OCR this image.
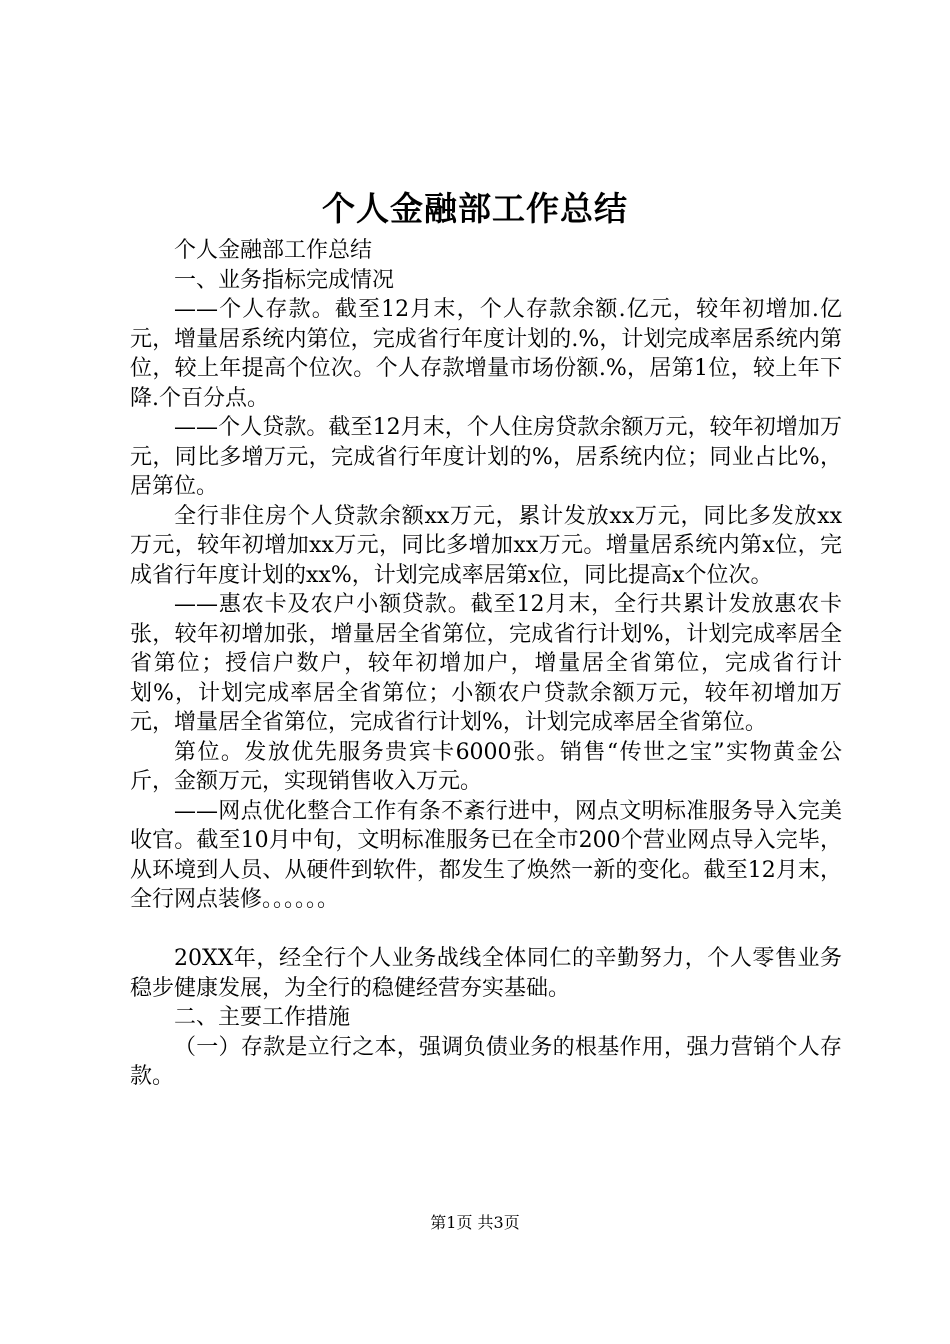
个人金融部工作总结

个人金融部工作总结

一、业务指标完成情况

——个人存款。截至12月末，个人存款余额.亿元，较年初增加.亿元，增量居系统内第位，完成省行年度计划的.%，计划完成率居系统内第位，较上年提高个位次。个人存款增量市场份额.%，居第1位，较上年下降.个百分点。

——个人贷款。截至12月末，个人住房贷款余额万元，较年初增加万元，同比多增万元，完成省行年度计划的%，居系统内位；同业占比%，居第位。

全行非住房个人贷款余额xx万元，累计发放xx万元，同比多发放xx万元，较年初增加xx万元，同比多增加xx万元。增量居系统内第x位，完成省行年度计划的xx%，计划完成率居第x位，同比提高x个位次。

——惠农卡及农户小额贷款。截至12月末，全行共累计发放惠农卡张，较年初增加张，增量居全省第位，完成省行计划%，计划完成率居全省第位；授信户数户，较年初增加户，增量居全省第位，完成省行计划%，计划完成率居全省第位；小额农户贷款余额万元，较年初增加万元，增量居全省第位，完成省行计划%，计划完成率居全省第位。

第位。发放优先服务贵宾卡6000张。销售“传世之宝”实物黄金公斤，金额万元，实现销售收入万元。

——网点优化整合工作有条不紊行进中，网点文明标准服务导入完美收官。截至10月中旬，文明标准服务已在全市200个营业网点导入完毕，从环境到人员、从硬件到软件，都发生了焕然一新的变化。截至12月末，全行网点装修。。。。。。

20XX年，经全行个人业务战线全体同仁的辛勤努力，个人零售业务稳步健康发展，为全行的稳健经营夯实基础。

二、主要工作措施

（一）存款是立行之本，强调负债业务的根基作用，强力营销个人存款。

第1页 共3页
